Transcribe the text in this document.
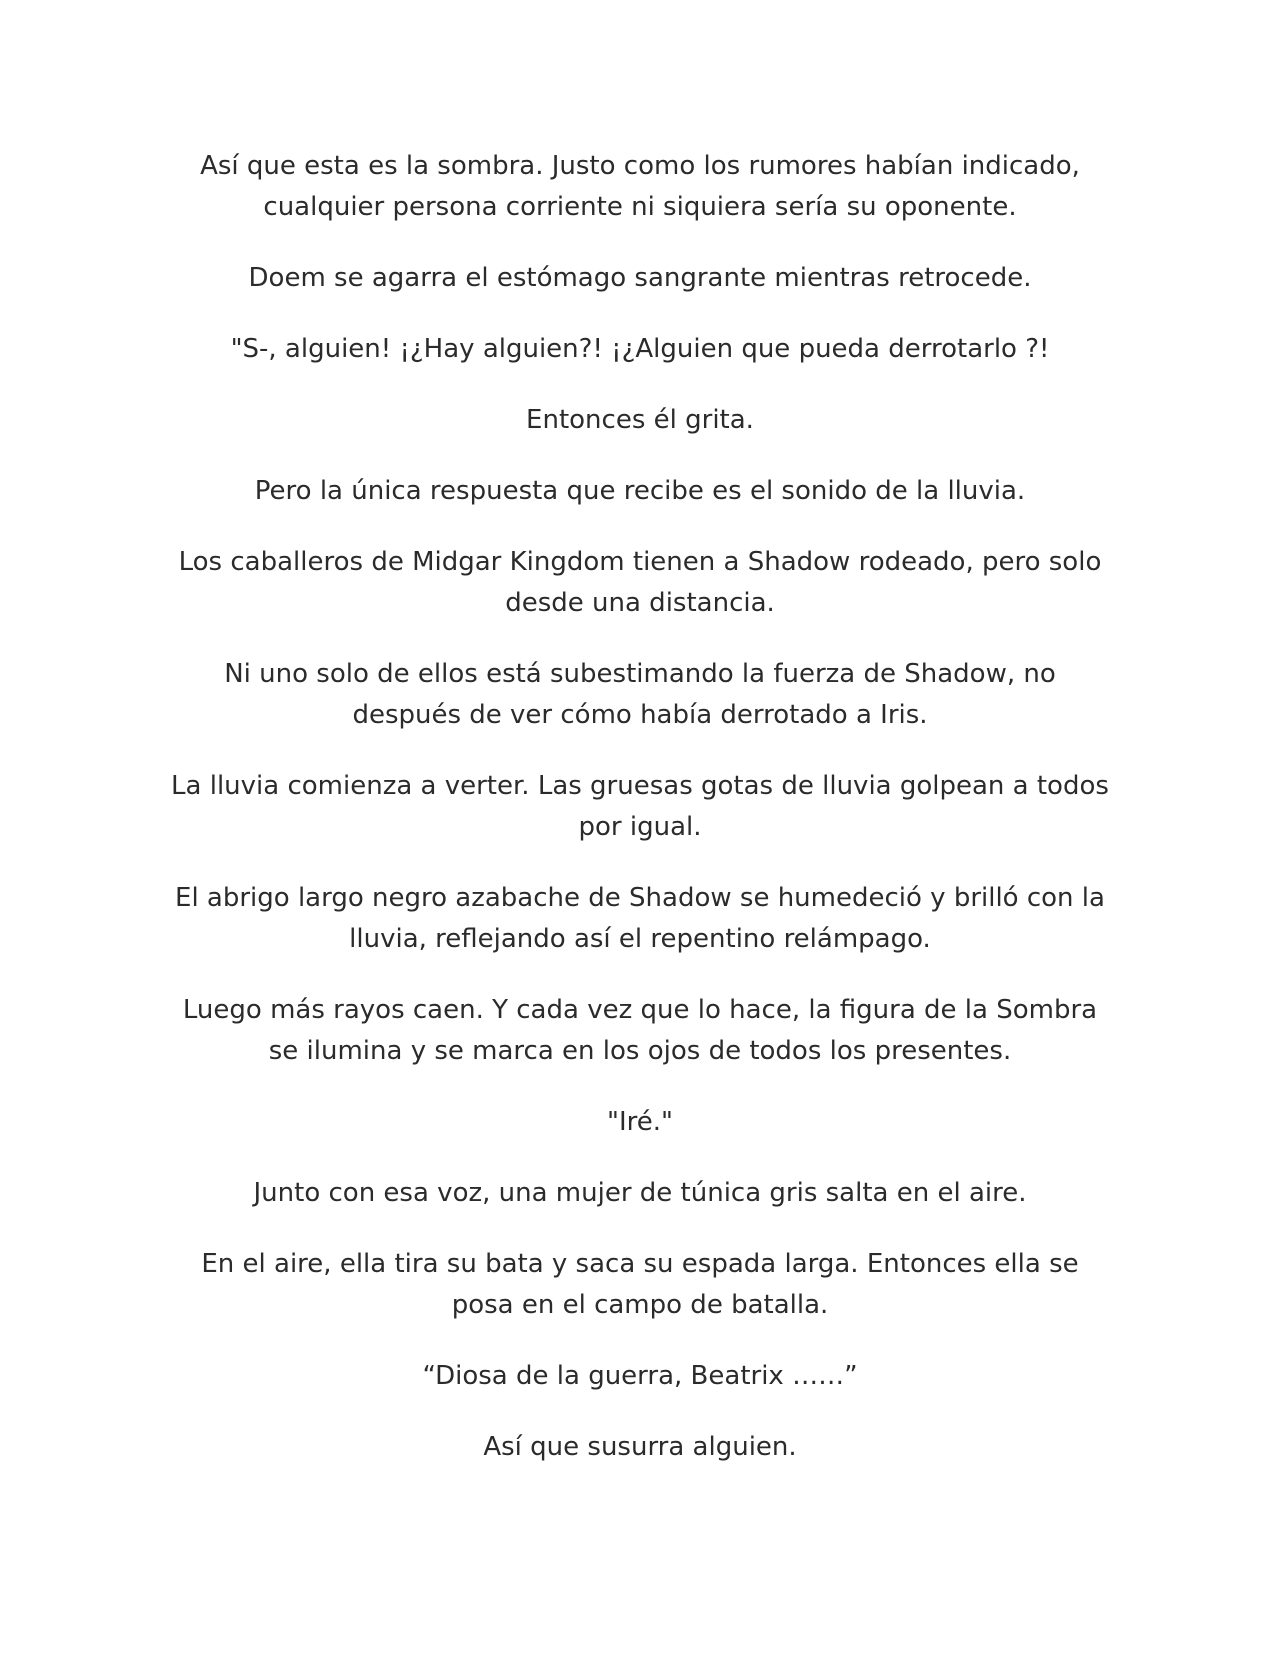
Así que esta es la sombra. Justo como los rumores habían indicado, cualquier persona corriente ni siquiera sería su oponente.

Doem se agarra el estómago sangrante mientras retrocede.

"S-, alguien! ¡¿Hay alguien?! ¡¿Alguien que pueda derrotarlo ?!

Entonces él grita.

Pero la única respuesta que recibe es el sonido de la lluvia.

Los caballeros de Midgar Kingdom tienen a Shadow rodeado, pero solo desde una distancia.

Ni uno solo de ellos está subestimando la fuerza de Shadow, no después de ver cómo había derrotado a Iris.

La lluvia comienza a verter. Las gruesas gotas de lluvia golpean a todos por igual.

El abrigo largo negro azabache de Shadow se humedeció y brilló con la lluvia, reflejando así el repentino relámpago.

Luego más rayos caen. Y cada vez que lo hace, la figura de la Sombra se ilumina y se marca en los ojos de todos los presentes.

"Iré."

Junto con esa voz, una mujer de túnica gris salta en el aire.

En el aire, ella tira su bata y saca su espada larga. Entonces ella se posa en el campo de batalla.

“Diosa de la guerra, Beatrix ……”

Así que susurra alguien.
